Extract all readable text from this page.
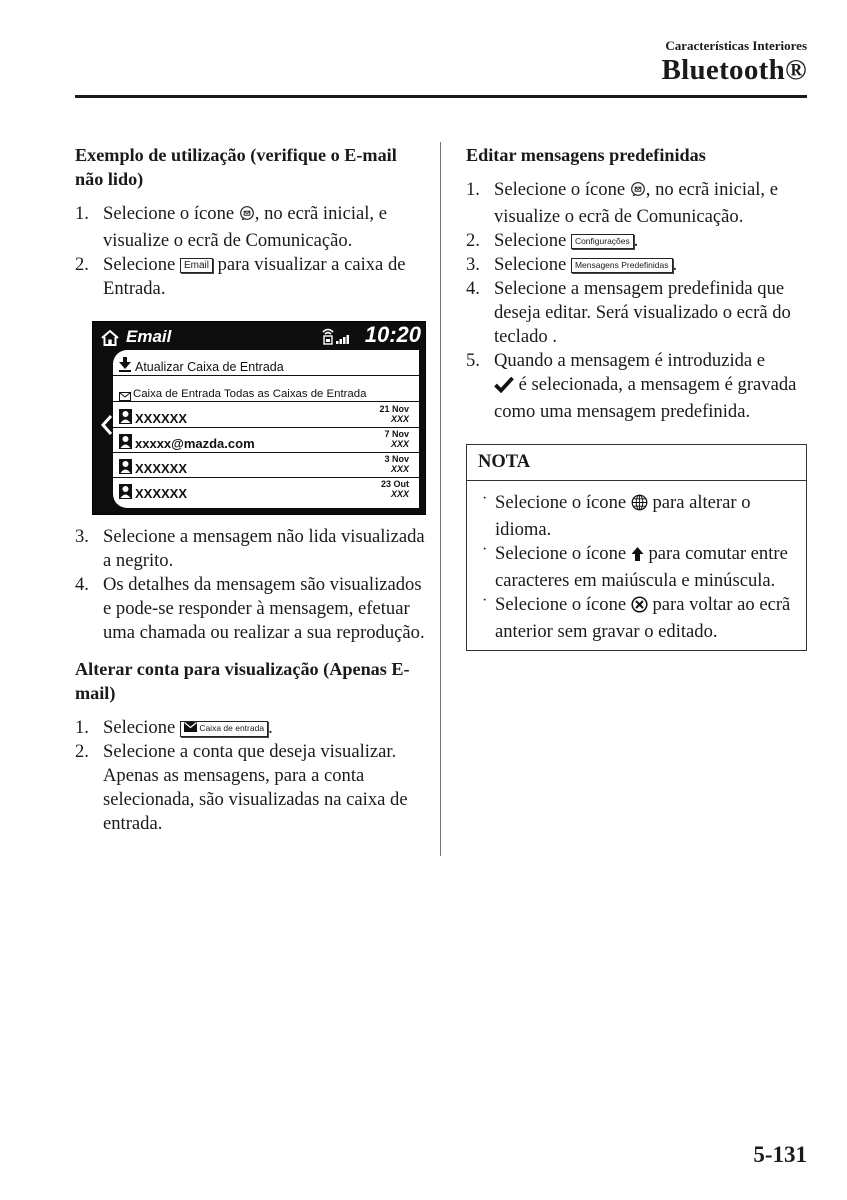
Características Interiores
Bluetooth®
Exemplo de utilização (verifique o E-mail não lido)
1. Selecione o ícone , no ecrã inicial, e visualize o ecrã de Comunicação.
2. Selecione Email para visualizar a caixa de Entrada.
Email	10:20
Atualizar Caixa de Entrada
Caixa de Entrada Todas as Caixas de Entrada
XXXXXX
21 Nov
XXX
xxxxx@mazda.com
7 Nov
XXX
XXXXXX
3 Nov
XXX
XXXXXX
23 Out
XXX
3. Selecione a mensagem não lida visualizada a negrito.
4. Os detalhes da mensagem são visualizados e pode-se responder à mensagem, efetuar uma chamada ou realizar a sua reprodução.
Alterar conta para visualização (Apenas E-mail)
1. Selecione	Caixa de entrada .
2. Selecione a conta que deseja visualizar. Apenas as mensagens, para a conta selecionada, são visualizadas na caixa de entrada.
Editar mensagens predefinidas
1. Selecione o ícone , no ecrã inicial, e visualize o ecrã de Comunicação.
2. Selecione Configurações .
3. Selecione Mensagens Predefinidas .
4. Selecione a mensagem predefinida que deseja editar. Será visualizado o ecrã do teclado .
5. Quando a mensagem é introduzida e
é selecionada, a mensagem é gravada como uma mensagem predefinida.
NOTA
· Selecione o ícone para alterar o idioma.
· Selecione o ícone para comutar entre caracteres em maiúscula e minúscula.
· Selecione o ícone para voltar ao ecrã anterior sem gravar o editado.
5-131
